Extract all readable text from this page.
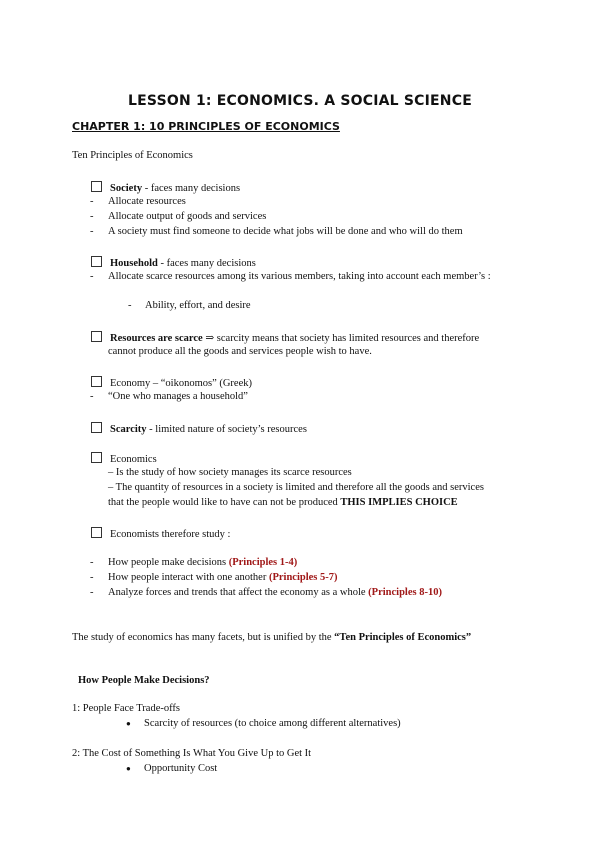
LESSON 1: ECONOMICS. A SOCIAL SCIENCE
CHAPTER 1: 10 PRINCIPLES OF ECONOMICS
Ten Principles of Economics
Society - faces many decisions
- Allocate resources
- Allocate output of goods and services
- A society must find someone to decide what jobs will be done and who will do them
Household - faces many decisions
- Allocate scarce resources among its various members, taking into account each member’s :
- Ability, effort, and desire
Resources are scarce ⇒ scarcity means that society has limited resources and therefore
cannot produce all the goods and services people wish to have.
Economy – “oikonomos” (Greek)
- “One who manages a household”
Scarcity - limited nature of society’s resources
Economics
– Is the study of how society manages its scarce resources
– The quantity of resources in a society is limited and therefore all the goods and services
that the people would like to have can not be produced THIS IMPLIES CHOICE
Economists therefore study :
- How people make decisions (Principles 1-4)
- How people interact with one another (Principles 5-7)
- Analyze forces and trends that affect the economy as a whole (Principles 8-10)
The study of economics has many facets, but is unified by the “Ten Principles of Economics”
How People Make Decisions?
1: People Face Trade-offs
● Scarcity of resources (to choice among different alternatives)
2: The Cost of Something Is What You Give Up to Get It
● Opportunity Cost
